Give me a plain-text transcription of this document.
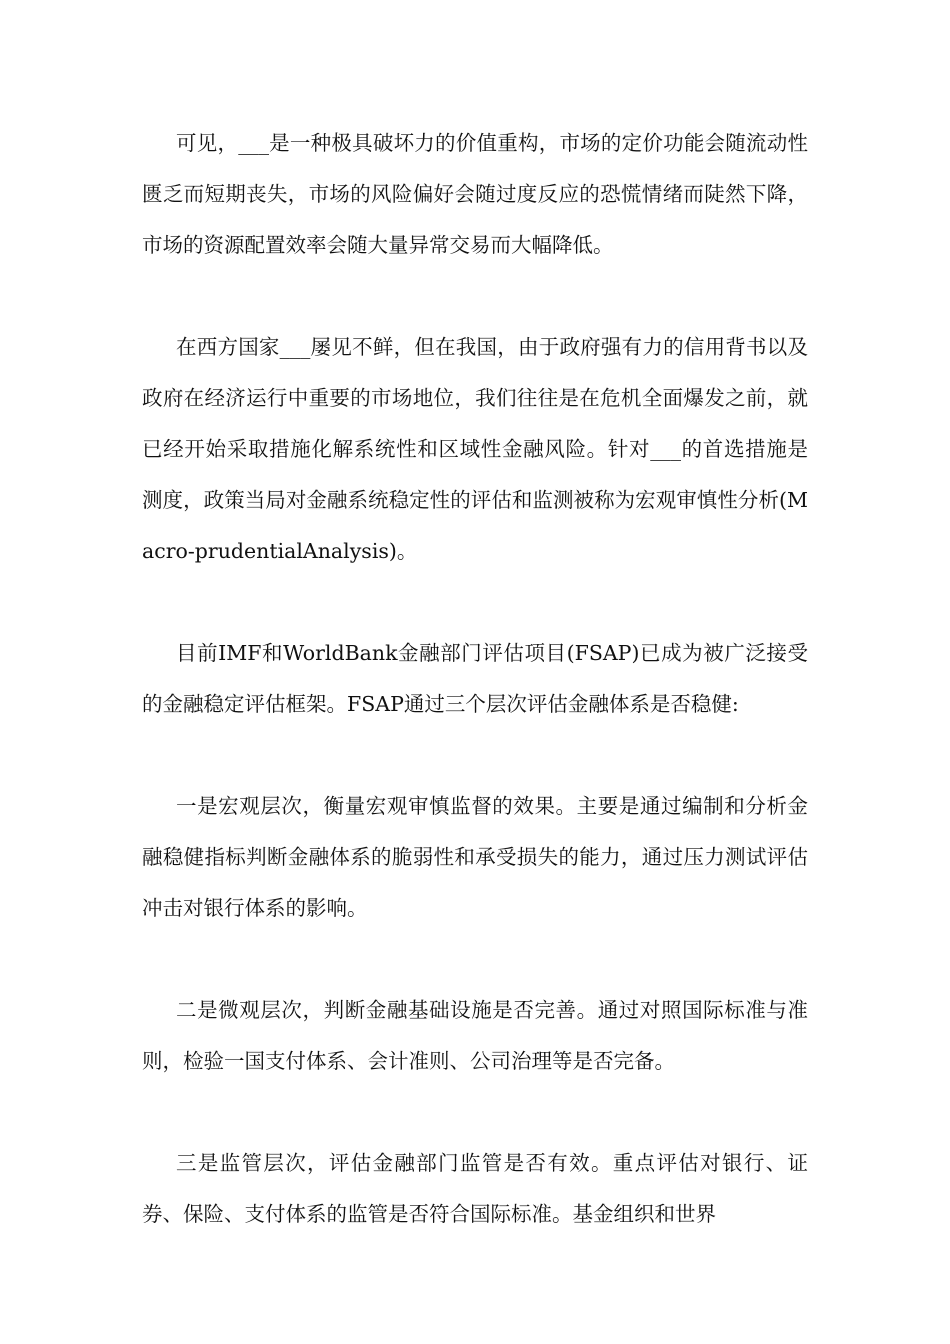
可见，___是一种极具破坏力的价值重构，市场的定价功能会随流动性匮乏而短期丧失，市场的风险偏好会随过度反应的恐慌情绪而陡然下降，市场的资源配置效率会随大量异常交易而大幅降低。

在西方国家___屡见不鲜，但在我国，由于政府强有力的信用背书以及政府在经济运行中重要的市场地位，我们往往是在危机全面爆发之前，就已经开始采取措施化解系统性和区域性金融风险。针对___的首选措施是测度，政策当局对金融系统稳定性的评估和监测被称为宏观审慎性分析(Macro-prudentialAnalysis)。

目前IMF和WorldBank金融部门评估项目(FSAP)已成为被广泛接受的金融稳定评估框架。FSAP通过三个层次评估金融体系是否稳健:

一是宏观层次，衡量宏观审慎监督的效果。主要是通过编制和分析金融稳健指标判断金融体系的脆弱性和承受损失的能力，通过压力测试评估冲击对银行体系的影响。

二是微观层次，判断金融基础设施是否完善。通过对照国际标准与准则，检验一国支付体系、会计准则、公司治理等是否完备。

三是监管层次，评估金融部门监管是否有效。重点评估对银行、证券、保险、支付体系的监管是否符合国际标准。基金组织和世界
